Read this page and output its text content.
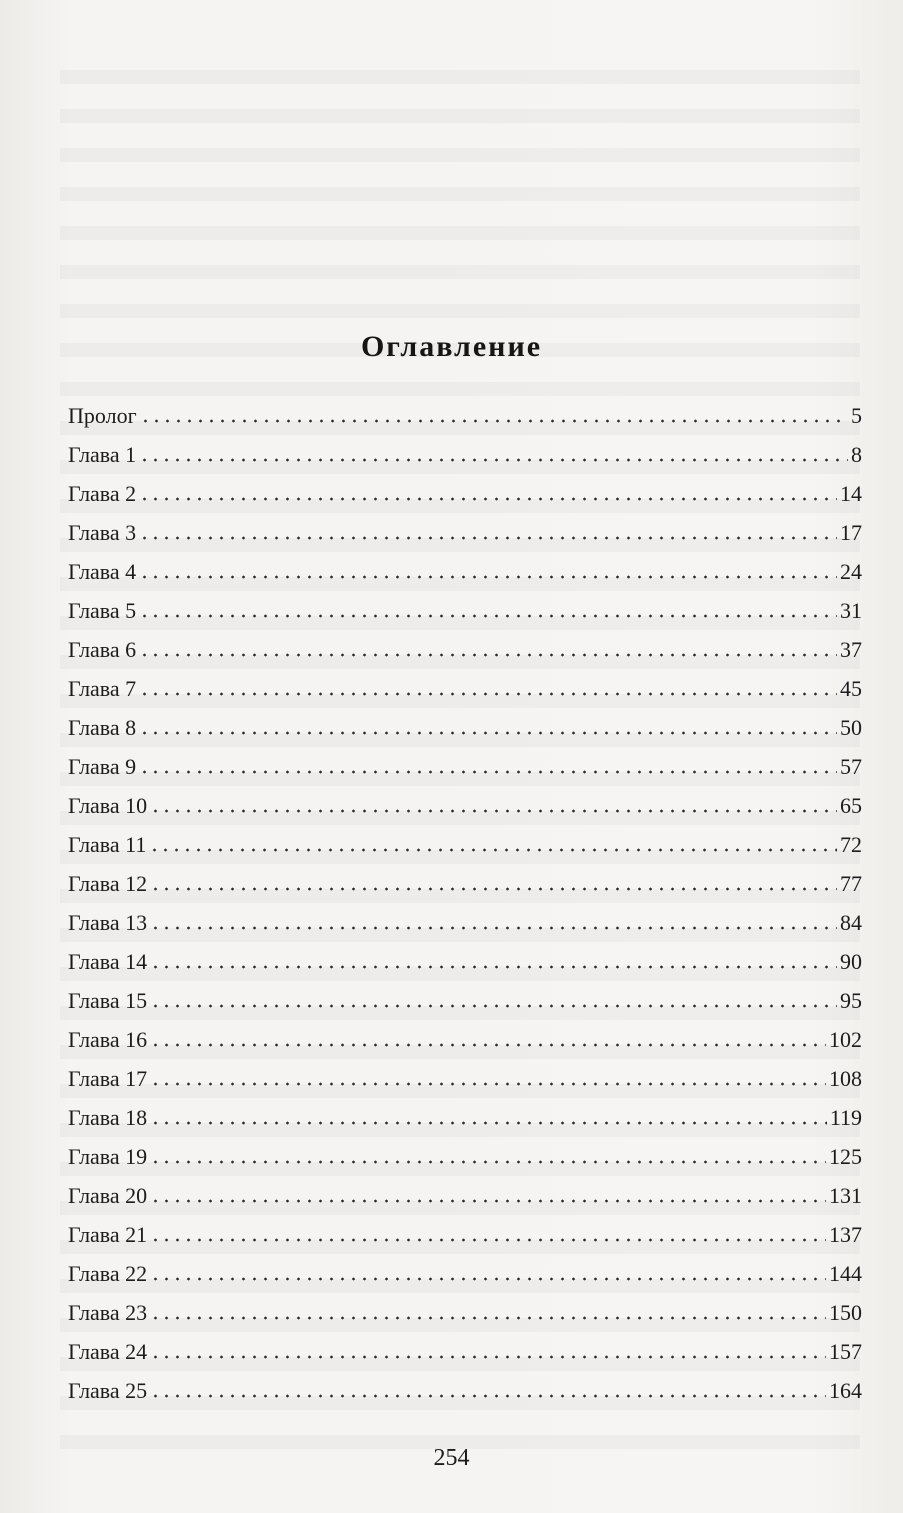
Оглавление
Пролог	5
Глава 1	8
Глава 2	14
Глава 3	17
Глава 4	24
Глава 5	31
Глава 6	37
Глава 7	45
Глава 8	50
Глава 9	57
Глава 10	65
Глава 11	72
Глава 12	77
Глава 13	84
Глава 14	90
Глава 15	95
Глава 16	102
Глава 17	108
Глава 18	119
Глава 19	125
Глава 20	131
Глава 21	137
Глава 22	144
Глава 23	150
Глава 24	157
Глава 25	164
254
